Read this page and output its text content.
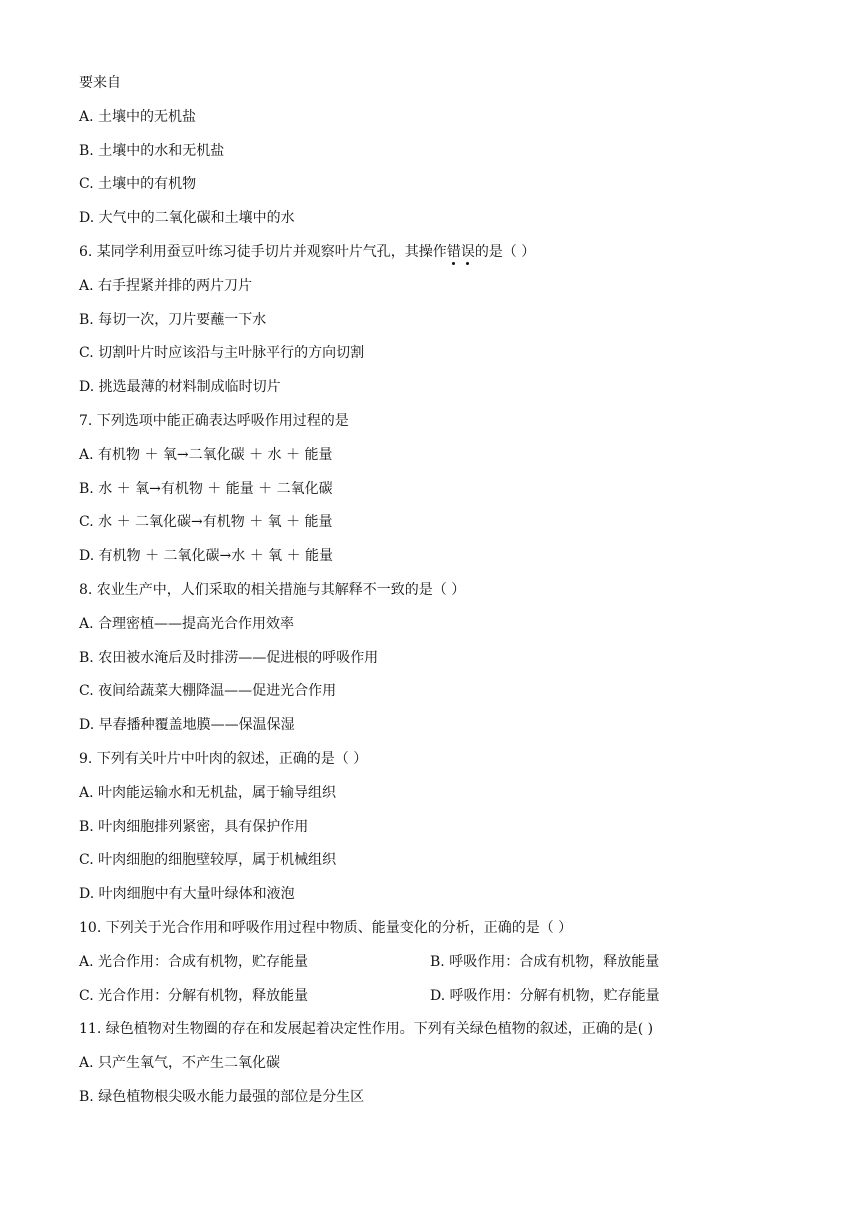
要来自
A. 土壤中的无机盐
B. 土壤中的水和无机盐
C. 土壤中的有机物
D. 大气中的二氧化碳和土壤中的水
6. 某同学利用蚕豆叶练习徒手切片并观察叶片气孔，其操作错误的是（ ）
A. 右手捏紧并排的两片刀片
B. 每切一次，刀片要蘸一下水
C. 切割叶片时应该沿与主叶脉平行的方向切割
D. 挑选最薄的材料制成临时切片
7. 下列选项中能正确表达呼吸作用过程的是
A. 有机物 ＋ 氧→二氧化碳 ＋ 水 ＋ 能量
B. 水 ＋ 氧→有机物 ＋ 能量 ＋ 二氧化碳
C. 水 ＋ 二氧化碳→有机物 ＋ 氧 ＋ 能量
D. 有机物 ＋ 二氧化碳→水 ＋ 氧 ＋ 能量
8. 农业生产中，人们采取的相关措施与其解释不一致的是（ ）
A. 合理密植——提高光合作用效率
B. 农田被水淹后及时排涝——促进根的呼吸作用
C. 夜间给蔬菜大棚降温——促进光合作用
D. 早春播种覆盖地膜——保温保湿
9. 下列有关叶片中叶肉的叙述，正确的是（ ）
A. 叶肉能运输水和无机盐，属于输导组织
B. 叶肉细胞排列紧密，具有保护作用
C. 叶肉细胞的细胞壁较厚，属于机械组织
D. 叶肉细胞中有大量叶绿体和液泡
10. 下列关于光合作用和呼吸作用过程中物质、能量变化的分析，正确的是（ ）
A. 光合作用：合成有机物，贮存能量	B. 呼吸作用：合成有机物，释放能量
C. 光合作用：分解有机物，释放能量	D. 呼吸作用：分解有机物，贮存能量
11. 绿色植物对生物圈的存在和发展起着决定性作用。下列有关绿色植物的叙述，正确的是( )
A. 只产生氧气，不产生二氧化碳
B. 绿色植物根尖吸水能力最强的部位是分生区
